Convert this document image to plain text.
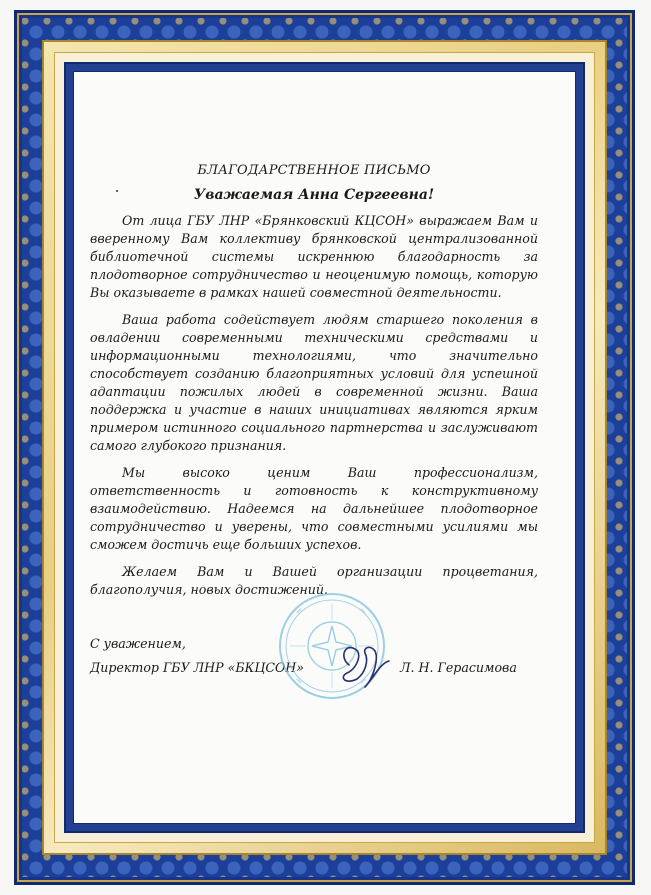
БЛАГОДАРСТВЕННОЕ ПИСЬМО

Уважаемая Анна Сергеевна!

От лица ГБУ ЛНР «Брянковский КЦСОН» выражаем Вам и вверенному Вам коллективу брянковской централизованной библиотечной системы искреннюю благодарность за плодотворное сотрудничество и неоценимую помощь, которую Вы оказываете в рамках нашей совместной деятельности.

Ваша работа содействует людям старшего поколения в овладении современными техническими средствами и информационными технологиями, что значительно способствует созданию благоприятных условий для успешной адаптации пожилых людей в современной жизни. Ваша поддержка и участие в наших инициативах являются ярким примером истинного социального партнерства и заслуживают самого глубокого признания.

Мы высоко ценим Ваш профессионализм, ответственность и готовность к конструктивному взаимодействию. Надеемся на дальнейшее плодотворное сотрудничество и уверены, что совместными усилиями мы сможем достичь еще больших успехов.

Желаем Вам и Вашей организации процветания, благополучия, новых достижений.

С уважением,
Директор ГБУ ЛНР «БКЦСОН»	Л. Н. Герасимова
